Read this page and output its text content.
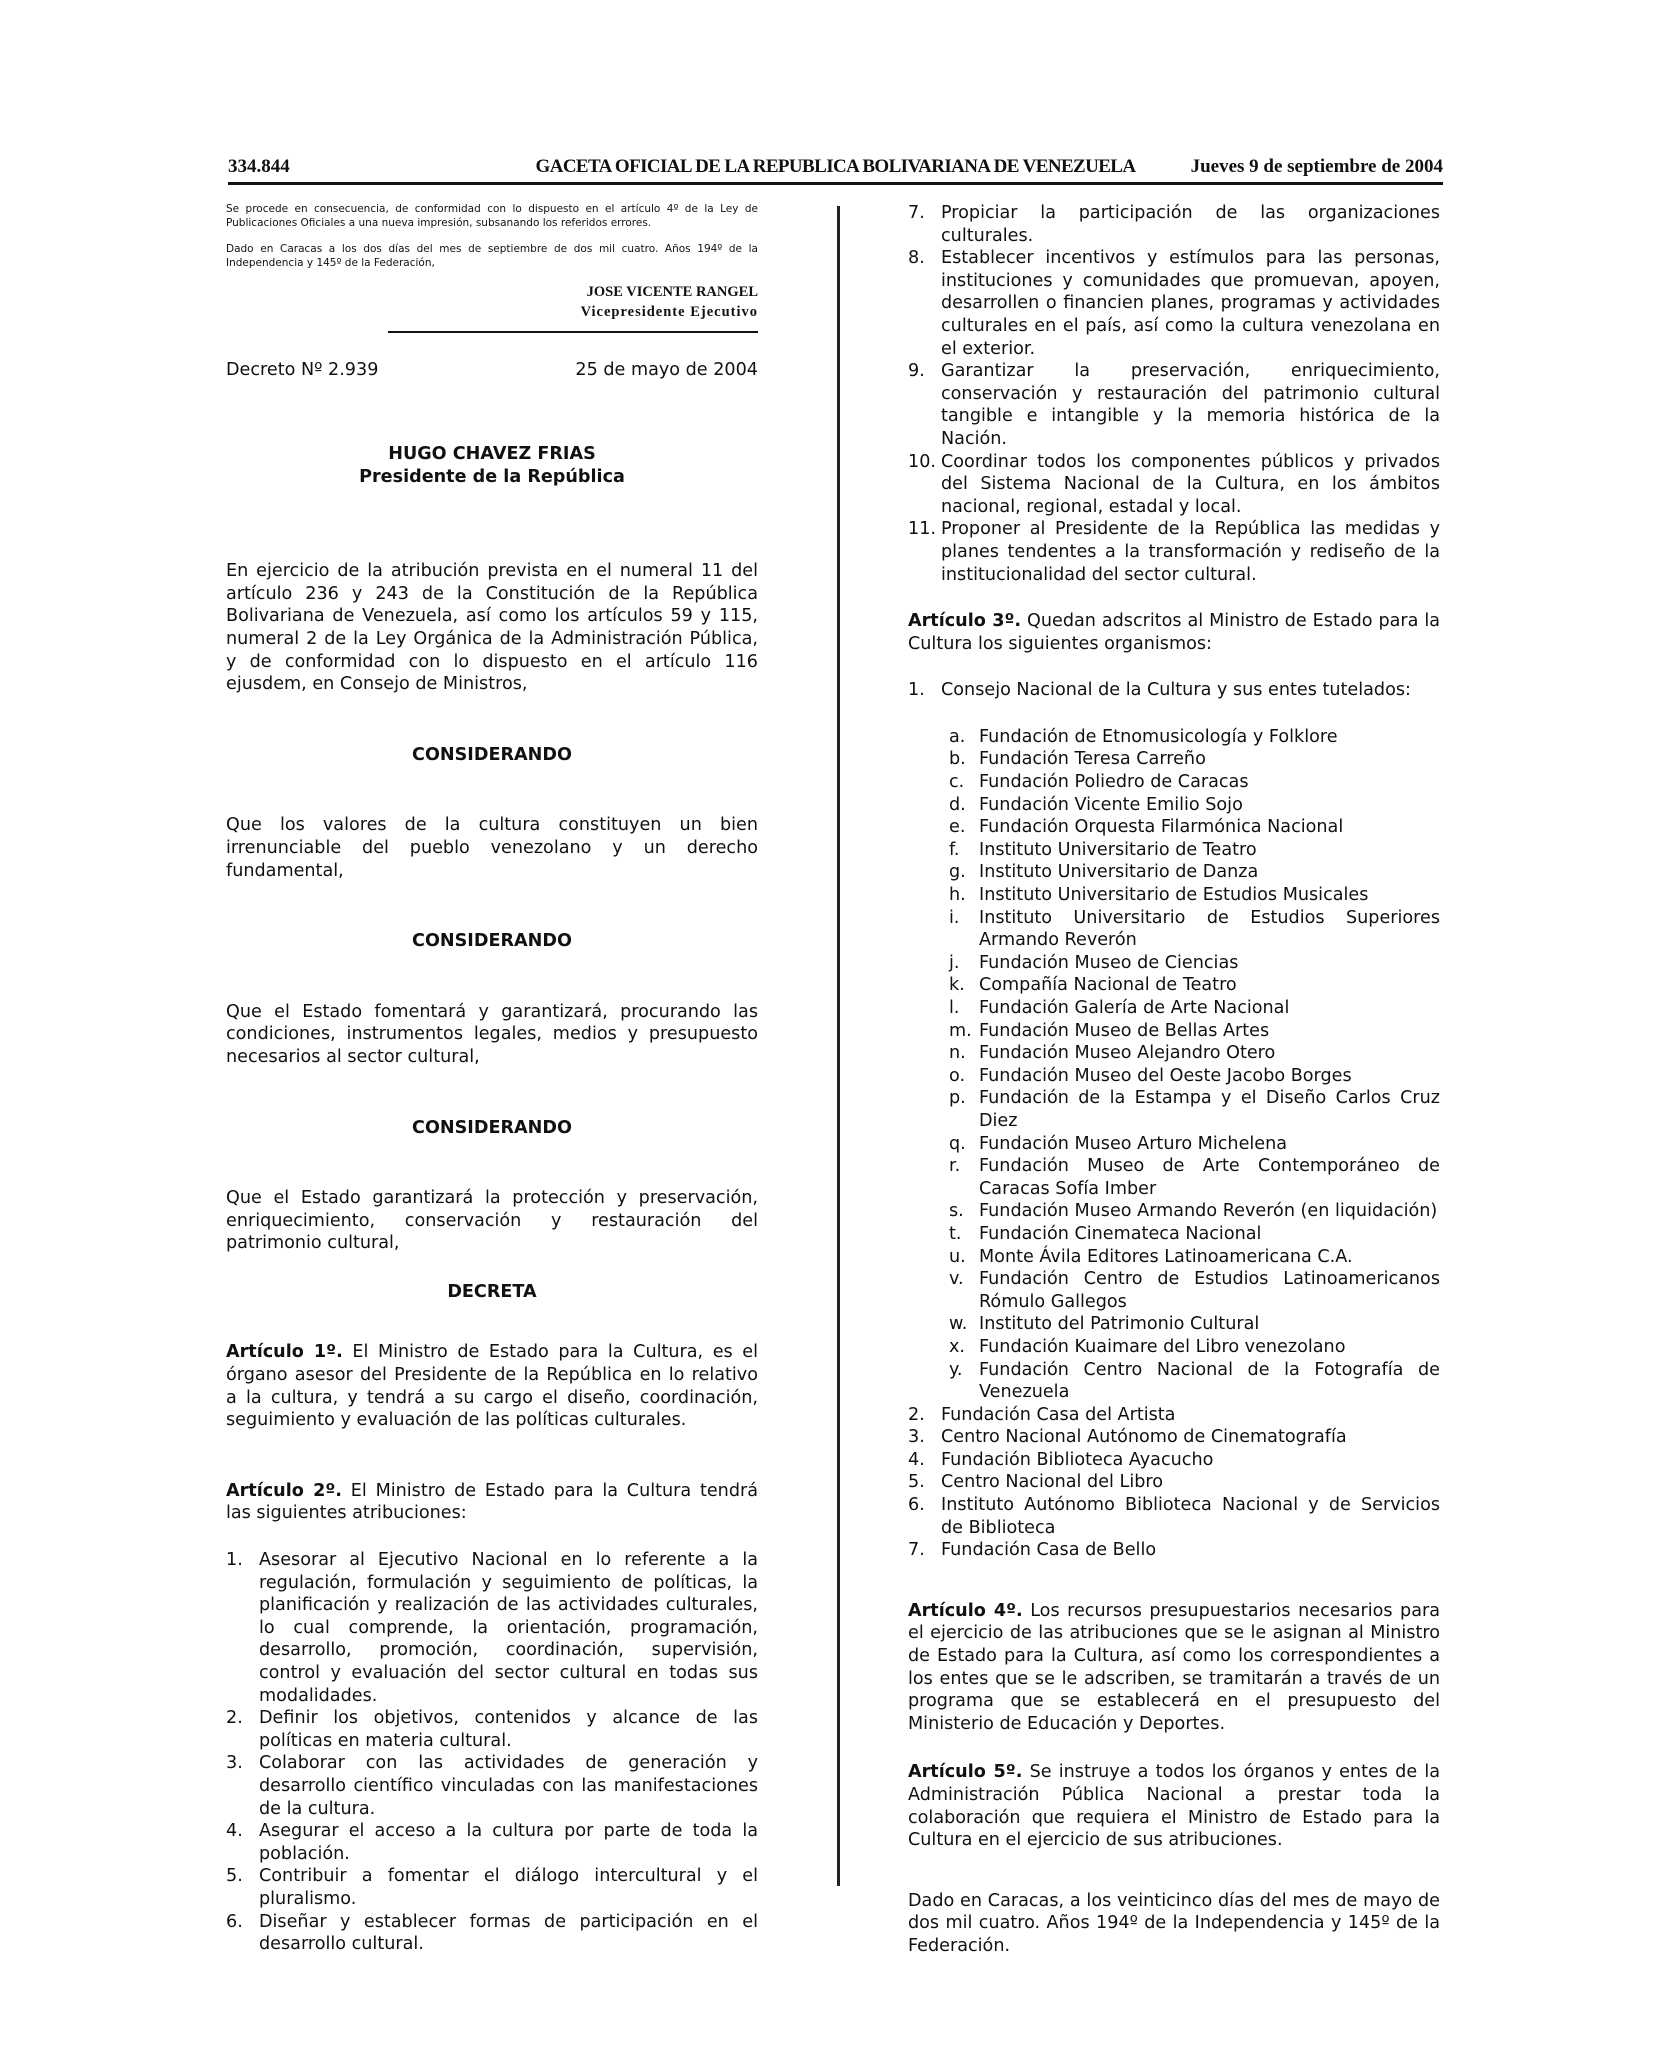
334.844	GACETA OFICIAL DE LA REPUBLICA BOLIVARIANA DE VENEZUELA	Jueves 9 de septiembre de 2004

Se procede en consecuencia, de conformidad con lo dispuesto en el artículo 4º de la Ley de Publicaciones Oficiales a una nueva impresión, subsanando los referidos errores.

Dado en Caracas a los dos días del mes de septiembre de dos mil cuatro. Años 194º de la Independencia y 145º de la Federación,

JOSE VICENTE RANGEL
Vicepresidente Ejecutivo
Decreto Nº 2.939	25 de mayo de 2004
HUGO CHAVEZ FRIAS
Presidente de la República

En ejercicio de la atribución prevista en el numeral 11 del artículo 236 y 243 de la Constitución de la República Bolivariana de Venezuela, así como los artículos 59 y 115, numeral 2 de la Ley Orgánica de la Administración Pública, y de conformidad con lo dispuesto en el artículo 116 ejusdem, en Consejo de Ministros,

CONSIDERANDO

Que los valores de la cultura constituyen un bien irrenunciable del pueblo venezolano y un derecho fundamental,

CONSIDERANDO

Que el Estado fomentará y garantizará, procurando las condiciones, instrumentos legales, medios y presupuesto necesarios al sector cultural,

CONSIDERANDO

Que el Estado garantizará la protección y preservación, enriquecimiento, conservación y restauración del patrimonio cultural,

DECRETA

Artículo 1º. El Ministro de Estado para la Cultura, es el órgano asesor del Presidente de la República en lo relativo a la cultura, y tendrá a su cargo el diseño, coordinación, seguimiento y evaluación de las políticas culturales.

Artículo 2º. El Ministro de Estado para la Cultura tendrá las siguientes atribuciones:

1. Asesorar al Ejecutivo Nacional en lo referente a la regulación, formulación y seguimiento de políticas, la planificación y realización de las actividades culturales, lo cual comprende, la orientación, programación, desarrollo, promoción, coordinación, supervisión, control y evaluación del sector cultural en todas sus modalidades.
2. Definir los objetivos, contenidos y alcance de las políticas en materia cultural.
3. Colaborar con las actividades de generación y desarrollo científico vinculadas con las manifestaciones de la cultura.
4. Asegurar el acceso a la cultura por parte de toda la población.
5. Contribuir a fomentar el diálogo intercultural y el pluralismo.
6. Diseñar y establecer formas de participación en el desarrollo cultural.
7. Propiciar la participación de las organizaciones culturales.
8. Establecer incentivos y estímulos para las personas, instituciones y comunidades que promuevan, apoyen, desarrollen o financien planes, programas y actividades culturales en el país, así como la cultura venezolana en el exterior.
9. Garantizar la preservación, enriquecimiento, conservación y restauración del patrimonio cultural tangible e intangible y la memoria histórica de la Nación.
10. Coordinar todos los componentes públicos y privados del Sistema Nacional de la Cultura, en los ámbitos nacional, regional, estadal y local.
11. Proponer al Presidente de la República las medidas y planes tendentes a la transformación y rediseño de la institucionalidad del sector cultural.

Artículo 3º. Quedan adscritos al Ministro de Estado para la Cultura los siguientes organismos:

1. Consejo Nacional de la Cultura y sus entes tutelados:
a. Fundación de Etnomusicología y Folklore
b. Fundación Teresa Carreño
c. Fundación Poliedro de Caracas
d. Fundación Vicente Emilio Sojo
e. Fundación Orquesta Filarmónica Nacional
f. Instituto Universitario de Teatro
g. Instituto Universitario de Danza
h. Instituto Universitario de Estudios Musicales
i. Instituto Universitario de Estudios Superiores Armando Reverón
j. Fundación Museo de Ciencias
k. Compañía Nacional de Teatro
l. Fundación Galería de Arte Nacional
m. Fundación Museo de Bellas Artes
n. Fundación Museo Alejandro Otero
o. Fundación Museo del Oeste Jacobo Borges
p. Fundación de la Estampa y el Diseño Carlos Cruz Diez
q. Fundación Museo Arturo Michelena
r. Fundación Museo de Arte Contemporáneo de Caracas Sofía Imber
s. Fundación Museo Armando Reverón (en liquidación)
t. Fundación Cinemateca Nacional
u. Monte Ávila Editores Latinoamericana C.A.
v. Fundación Centro de Estudios Latinoamericanos Rómulo Gallegos
w. Instituto del Patrimonio Cultural
x. Fundación Kuaimare del Libro venezolano
y. Fundación Centro Nacional de la Fotografía de Venezuela
2. Fundación Casa del Artista
3. Centro Nacional Autónomo de Cinematografía
4. Fundación Biblioteca Ayacucho
5. Centro Nacional del Libro
6. Instituto Autónomo Biblioteca Nacional y de Servicios de Biblioteca
7. Fundación Casa de Bello

Artículo 4º. Los recursos presupuestarios necesarios para el ejercicio de las atribuciones que se le asignan al Ministro de Estado para la Cultura, así como los correspondientes a los entes que se le adscriben, se tramitarán a través de un programa que se establecerá en el presupuesto del Ministerio de Educación y Deportes.

Artículo 5º. Se instruye a todos los órganos y entes de la Administración Pública Nacional a prestar toda la colaboración que requiera el Ministro de Estado para la Cultura en el ejercicio de sus atribuciones.

Dado en Caracas, a los veinticinco días del mes de mayo de dos mil cuatro. Años 194º de la Independencia y 145º de la Federación.
